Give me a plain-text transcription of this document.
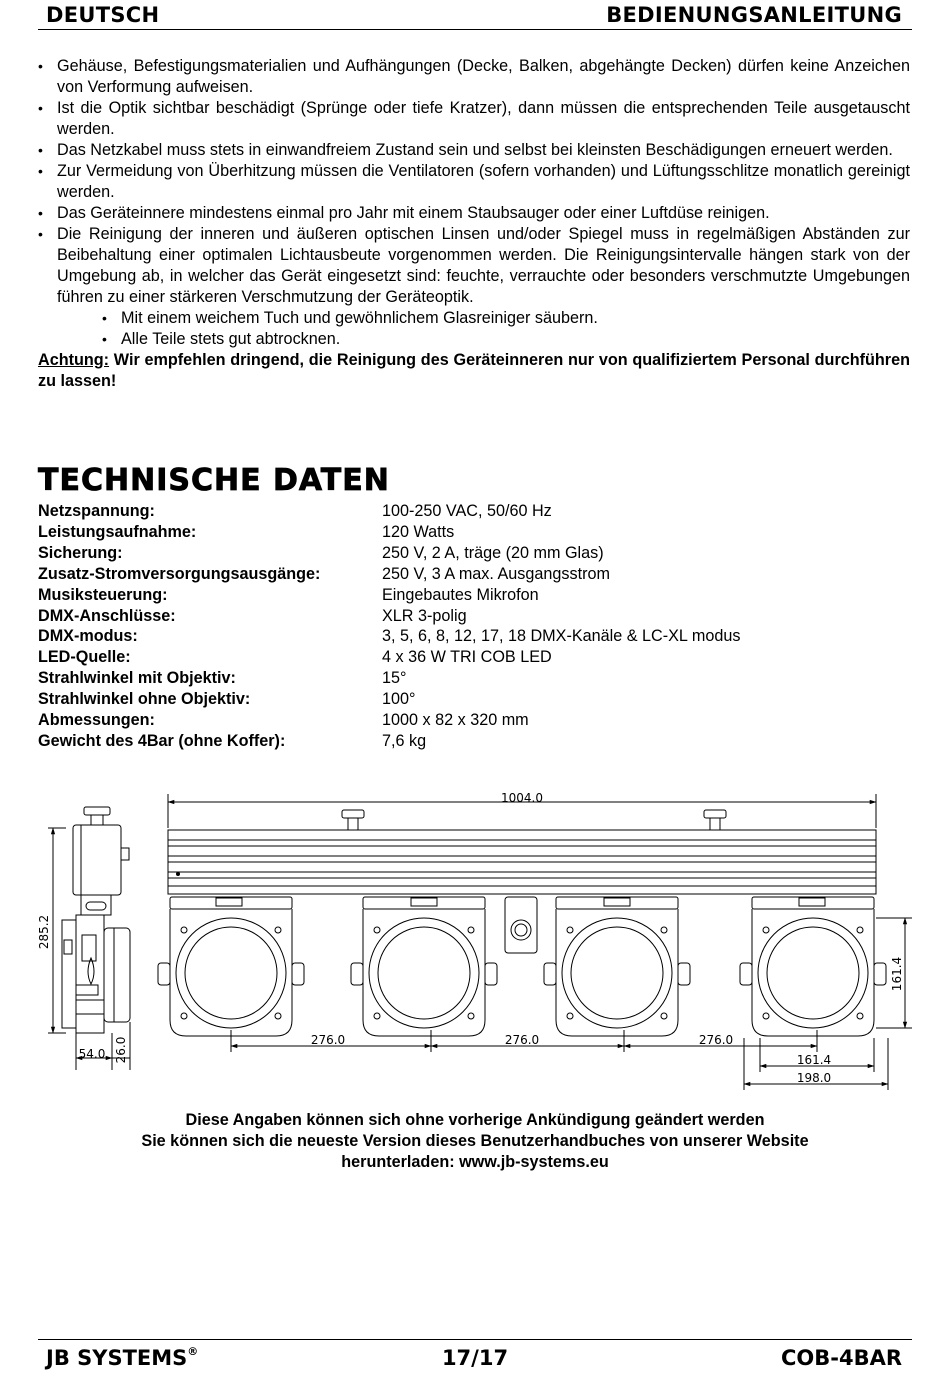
DEUTSCH	BEDIENUNGSANLEITUNG
• Gehäuse, Befestigungsmaterialien und Aufhängungen (Decke, Balken, abgehängte Decken) dürfen keine Anzeichen von Verformung aufweisen.
• Ist die Optik sichtbar beschädigt (Sprünge oder tiefe Kratzer), dann müssen die entsprechenden Teile ausgetauscht werden.
• Das Netzkabel muss stets in einwandfreiem Zustand sein und selbst bei kleinsten Beschädigungen erneuert werden.
• Zur Vermeidung von Überhitzung müssen die Ventilatoren (sofern vorhanden) und Lüftungsschlitze monatlich gereinigt werden.
• Das Geräteinnere mindestens einmal pro Jahr mit einem Staubsauger oder einer Luftdüse reinigen.
• Die Reinigung der inneren und äußeren optischen Linsen und/oder Spiegel muss in regelmäßigen Abständen zur Beibehaltung einer optimalen Lichtausbeute vorgenommen werden. Die Reinigungsintervalle hängen stark von der Umgebung ab, in welcher das Gerät eingesetzt sind: feuchte, verrauchte oder besonders verschmutzte Umgebungen führen zu einer stärkeren Verschmutzung der Geräteoptik.
• Mit einem weichem Tuch und gewöhnlichem Glasreiniger säubern.
• Alle Teile stets gut abtrocknen.
Achtung: Wir empfehlen dringend, die Reinigung des Geräteinneren nur von qualifiziertem Personal durchführen zu lassen!
TECHNISCHE DATEN
Netzspannung:	100-250 VAC, 50/60 Hz
Leistungsaufnahme:	120 Watts
Sicherung:	250 V, 2 A, träge (20 mm Glas)
Zusatz-Stromversorgungsausgänge:	250 V, 3 A max. Ausgangsstrom
Musiksteuerung:	Eingebautes Mikrofon
DMX-Anschlüsse:	XLR 3-polig
DMX-modus:	3, 5, 6, 8, 12, 17, 18 DMX-Kanäle & LC-XL modus
LED-Quelle:	4 x 36 W TRI COB LED
Strahlwinkel mit Objektiv:	15°
Strahlwinkel ohne Objektiv:	100°
Abmessungen:	1000 x 82 x 320 mm
Gewicht des 4Bar (ohne Koffer):	7,6 kg
1004.0
285.2
54.0 26.0	276.0	276.0	276.0
161.4
161.4
198.0
Diese Angaben können sich ohne vorherige Ankündigung geändert werden
Sie können sich die neueste Version dieses Benutzerhandbuches von unserer Website
herunterladen: www.jb-systems.eu
JB SYSTEMS®	17/17	COB-4BAR
